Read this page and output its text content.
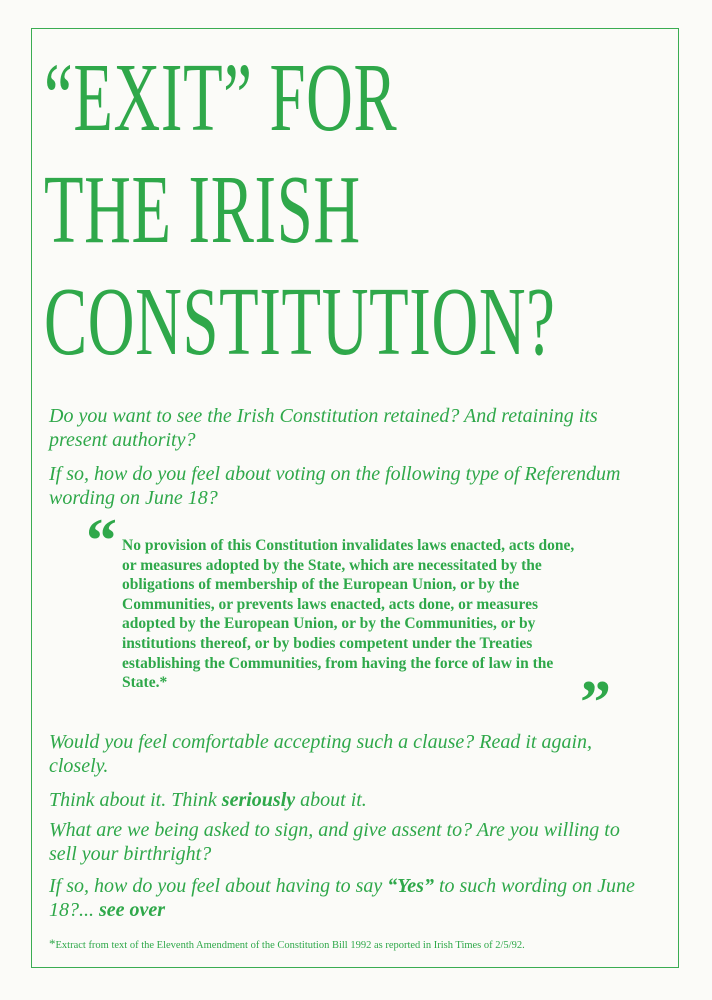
“EXIT” FOR
THE IRISH
CONSTITUTION?

Do you want to see the Irish Constitution retained? And retaining its present authority?

If so, how do you feel about voting on the following type of Referendum wording on June 18?

“ No provision of this Constitution invalidates laws enacted, acts done, or measures adopted by the State, which are necessitated by the obligations of membership of the European Union, or by the Communities, or prevents laws enacted, acts done, or measures adopted by the European Union, or by the Communities, or by institutions thereof, or by bodies competent under the Treaties establishing the Communities, from having the force of law in the State.*	”

Would you feel comfortable accepting such a clause? Read it again, closely.

Think about it. Think seriously about it.

What are we being asked to sign, and give assent to? Are you willing to sell your birthright?

If so, how do you feel about having to say “Yes” to such wording on June 18?... see over

*Extract from text of the Eleventh Amendment of the Constitution Bill 1992 as reported in Irish Times of 2/5/92.
